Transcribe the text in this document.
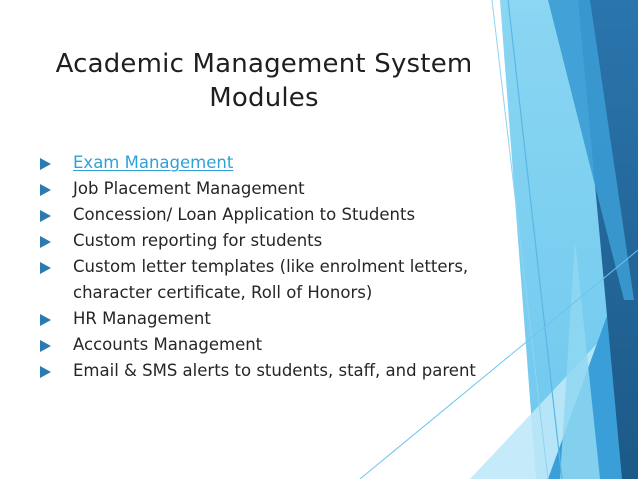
Academic Management System
Modules
Exam Management
Job Placement Management
Concession/ Loan Application to Students
Custom reporting for students
Custom letter templates (like enrolment letters,
character certificate, Roll of Honors)
HR Management
Accounts Management
Email & SMS alerts to students, staff, and parent
